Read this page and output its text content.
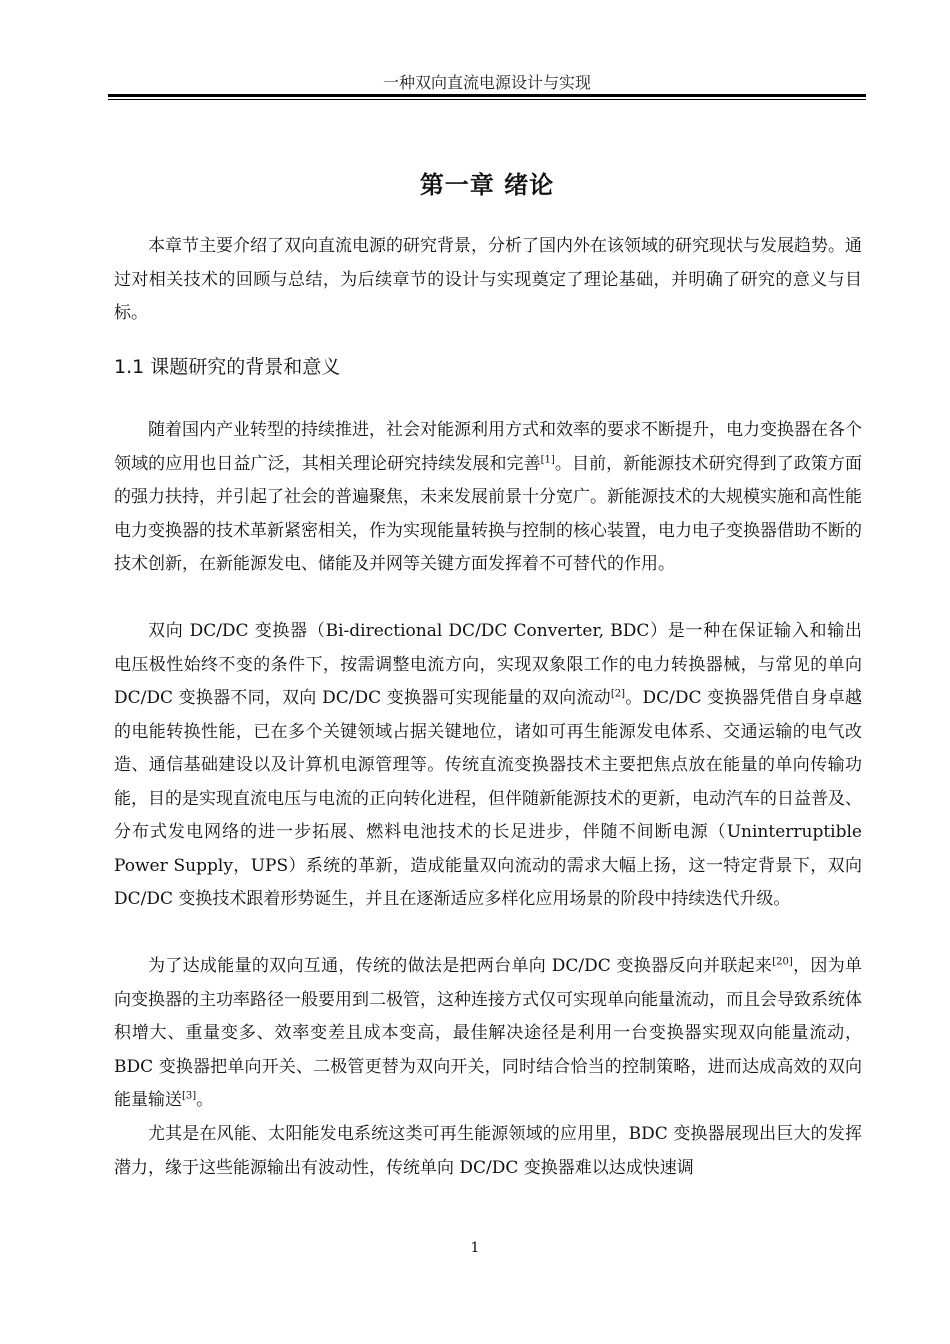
一种双向直流电源设计与实现
第一章 绪论

本章节主要介绍了双向直流电源的研究背景，分析了国内外在该领域的研究现状与发展趋势。通过对相关技术的回顾与总结，为后续章节的设计与实现奠定了理论基础，并明确了研究的意义与目标。

1.1 课题研究的背景和意义

随着国内产业转型的持续推进，社会对能源利用方式和效率的要求不断提升，电力变换器在各个领域的应用也日益广泛，其相关理论研究持续发展和完善[1]。目前，新能源技术研究得到了政策方面的强力扶持，并引起了社会的普遍聚焦，未来发展前景十分宽广。新能源技术的大规模实施和高性能电力变换器的技术革新紧密相关，作为实现能量转换与控制的核心装置，电力电子变换器借助不断的技术创新，在新能源发电、储能及并网等关键方面发挥着不可替代的作用。

双向 DC/DC 变换器（Bi-directional DC/DC Converter, BDC）是一种在保证输入和输出电压极性始终不变的条件下，按需调整电流方向，实现双象限工作的电力转换器械，与常见的单向 DC/DC 变换器不同，双向 DC/DC 变换器可实现能量的双向流动[2]。DC/DC 变换器凭借自身卓越的电能转换性能，已在多个关键领域占据关键地位，诸如可再生能源发电体系、交通运输的电气改造、通信基础建设以及计算机电源管理等。传统直流变换器技术主要把焦点放在能量的单向传输功能，目的是实现直流电压与电流的正向转化进程，但伴随新能源技术的更新，电动汽车的日益普及、分布式发电网络的进一步拓展、燃料电池技术的长足进步，伴随不间断电源（Uninterruptible Power Supply，UPS）系统的革新，造成能量双向流动的需求大幅上扬，这一特定背景下，双向 DC/DC 变换技术跟着形势诞生，并且在逐渐适应多样化应用场景的阶段中持续迭代升级。

为了达成能量的双向互通，传统的做法是把两台单向 DC/DC 变换器反向并联起来[20]，因为单向变换器的主功率路径一般要用到二极管，这种连接方式仅可实现单向能量流动，而且会导致系统体积增大、重量变多、效率变差且成本变高，最佳解决途径是利用一台变换器实现双向能量流动，BDC 变换器把单向开关、二极管更替为双向开关，同时结合恰当的控制策略，进而达成高效的双向能量输送[3]。

尤其是在风能、太阳能发电系统这类可再生能源领域的应用里，BDC 变换器展现出巨大的发挥潜力，缘于这些能源输出有波动性，传统单向 DC/DC 变换器难以达成快速调

1
